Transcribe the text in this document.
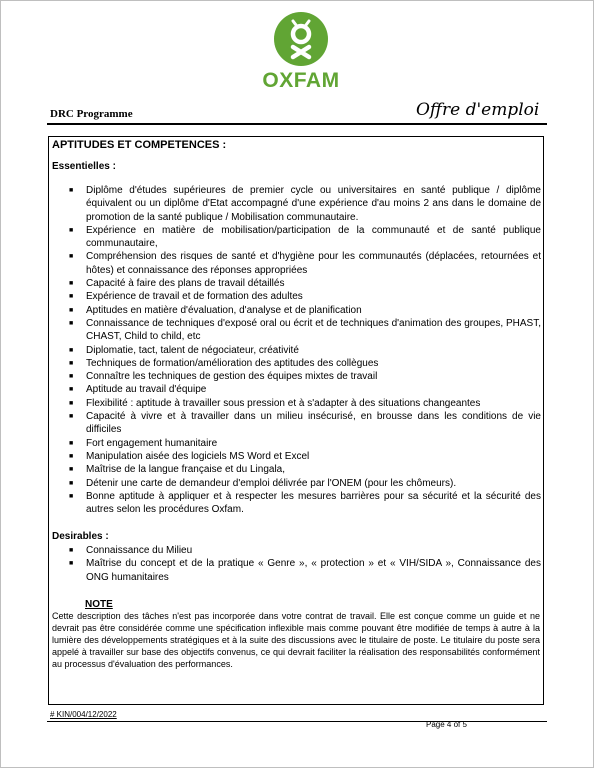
OXFAM
DRC Programme	Offre d'emploi
APTITUDES ET COMPETENCES :
Essentielles :
■ Diplôme d'études supérieures de premier cycle ou universitaires en santé publique / diplôme équivalent ou un diplôme d'Etat accompagné d'une expérience d'au moins 2 ans dans le domaine de promotion de la santé publique / Mobilisation communautaire.
■ Expérience en matière de mobilisation/participation de la communauté et de santé publique communautaire,
■ Compréhension des risques de santé et d'hygiène pour les communautés (déplacées, retournées et hôtes) et connaissance des réponses appropriées
■ Capacité à faire des plans de travail détaillés
■ Expérience de travail et de formation des adultes
■ Aptitudes en matière d'évaluation, d'analyse et de planification
■ Connaissance de techniques d'exposé oral ou écrit et de techniques d'animation des groupes, PHAST, CHAST, Child to child, etc
■ Diplomatie, tact, talent de négociateur, créativité
■ Techniques de formation/amélioration des aptitudes des collègues
■ Connaître les techniques de gestion des équipes mixtes de travail
■ Aptitude au travail d'équipe
■ Flexibilité : aptitude à travailler sous pression et à s'adapter à des situations changeantes
■ Capacité à vivre et à travailler dans un milieu insécurisé, en brousse dans les conditions de vie difficiles
■ Fort engagement humanitaire
■ Manipulation aisée des logiciels MS Word et Excel
■ Maîtrise de la langue française et du Lingala,
■ Détenir une carte de demandeur d'emploi délivrée par l'ONEM (pour les chômeurs).
■ Bonne aptitude à appliquer et à respecter les mesures barrières pour sa sécurité et la sécurité des autres selon les procédures Oxfam.
Desirables :
■ Connaissance du Milieu
■ Maîtrise du concept et de la pratique « Genre », « protection » et « VIH/SIDA », Connaissance des ONG humanitaires
NOTE
Cette description des tâches n'est pas incorporée dans votre contrat de travail. Elle est conçue comme un guide et ne devrait pas être considérée comme une spécification inflexible mais comme pouvant être modifiée de temps à autre à la lumière des développements stratégiques et à la suite des discussions avec le titulaire de poste. Le titulaire du poste sera appelé à travailler sur base des objectifs convenus, ce qui devrait faciliter la réalisation des responsabilités conformément au processus d'évaluation des performances.
# KIN/004/12/2022
Page 4 of 5
